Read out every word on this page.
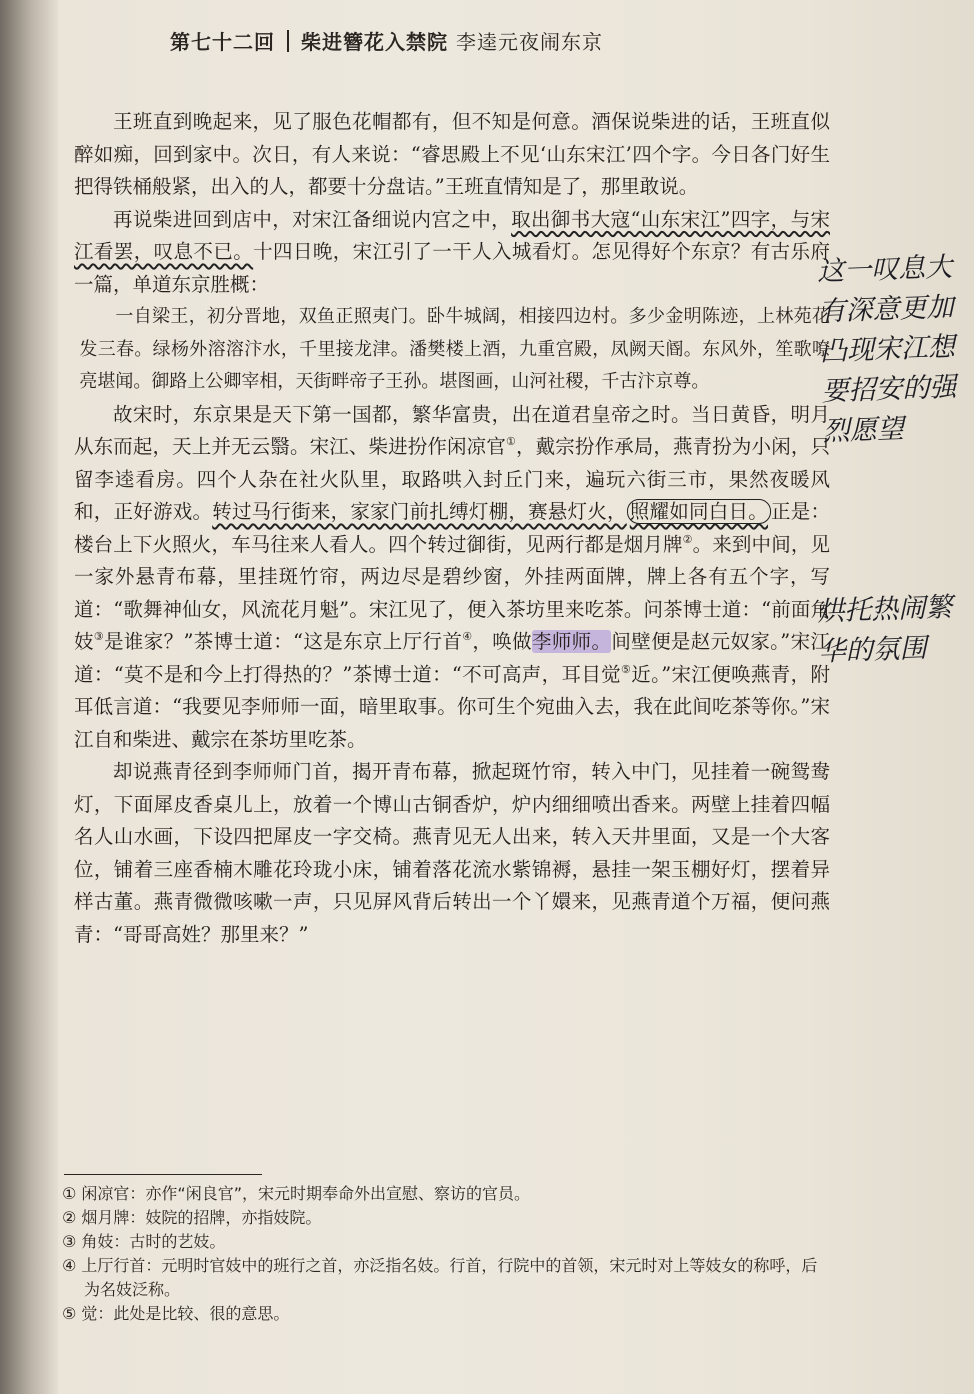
第七十二回 柴进簪花入禁院 李逵元夜闹东京

王班直到晚起来，见了服色花帽都有，但不知是何意。酒保说柴进的话，王班直似醉如痴，回到家中。次日，有人来说：“睿思殿上不见‘山东宋江’四个字。今日各门好生把得铁桶般紧，出入的人，都要十分盘诘。”王班直情知是了，那里敢说。

再说柴进回到店中，对宋江备细说内宫之中，取出御书大寇“山东宋江”四字，与宋江看罢，叹息不已。十四日晚，宋江引了一干人入城看灯。怎见得好个东京？有古乐府一篇，单道东京胜概：

一自梁王，初分晋地，双鱼正照夷门。卧牛城阔，相接四边村。多少金明陈迹，上林苑花发三春。绿杨外溶溶汴水，千里接龙津。潘樊楼上酒，九重宫殿，凤阙天阍。东风外，笙歌嘹亮堪闻。御路上公卿宰相，天街畔帝子王孙。堪图画，山河社稷，千古汴京尊。

故宋时，东京果是天下第一国都，繁华富贵，出在道君皇帝之时。当日黄昏，明月从东而起，天上并无云翳。宋江、柴进扮作闲凉官①，戴宗扮作承局，燕青扮为小闲，只留李逵看房。四个人杂在社火队里，取路哄入封丘门来，遍玩六街三市，果然夜暖风和，正好游戏。转过马行街来，家家门前扎缚灯棚，赛悬灯火， 照耀如同白日。 正是：楼台上下火照火，车马往来人看人。四个转过御街，见两行都是烟月牌②。来到中间，见一家外悬青布幕，里挂斑竹帘，两边尽是碧纱窗，外挂两面牌，牌上各有五个字，写道：“歌舞神仙女，风流花月魁”。宋江见了，便入茶坊里来吃茶。问茶博士道：“前面角妓③是谁家？”茶博士道：“这是东京上厅行首④，唤做李师师。间壁便是赵元奴家。”宋江道：“莫不是和今上打得热的？”茶博士道：“不可高声，耳目觉⑤近。”宋江便唤燕青，附耳低言道：“我要见李师师一面，暗里取事。你可生个宛曲入去，我在此间吃茶等你。”宋江自和柴进、戴宗在茶坊里吃茶。

却说燕青径到李师师门首，揭开青布幕，掀起斑竹帘，转入中门，见挂着一碗鸳鸯灯，下面犀皮香桌儿上，放着一个博山古铜香炉，炉内细细喷出香来。两壁上挂着四幅名人山水画，下设四把犀皮一字交椅。燕青见无人出来，转入天井里面，又是一个大客位，铺着三座香楠木雕花玲珑小床，铺着落花流水紫锦褥，悬挂一架玉棚好灯，摆着异样古董。燕青微微咳嗽一声，只见屏风背后转出一个丫嬛来，见燕青道个万福，便问燕青：“哥哥高姓？那里来？”

这一叹息大有深意更加凸现宋江想要招安的强烈愿望
烘托热闹繁华的氛围

① 闲凉官：亦作“闲良官”，宋元时期奉命外出宣慰、察访的官员。

② 烟月牌：妓院的招牌，亦指妓院。

③ 角妓：古时的艺妓。

④ 上厅行首：元明时官妓中的班行之首，亦泛指名妓。行首，行院中的首领，宋元时对上等妓女的称呼，后为名妓泛称。

⑤ 觉：此处是比较、很的意思。
